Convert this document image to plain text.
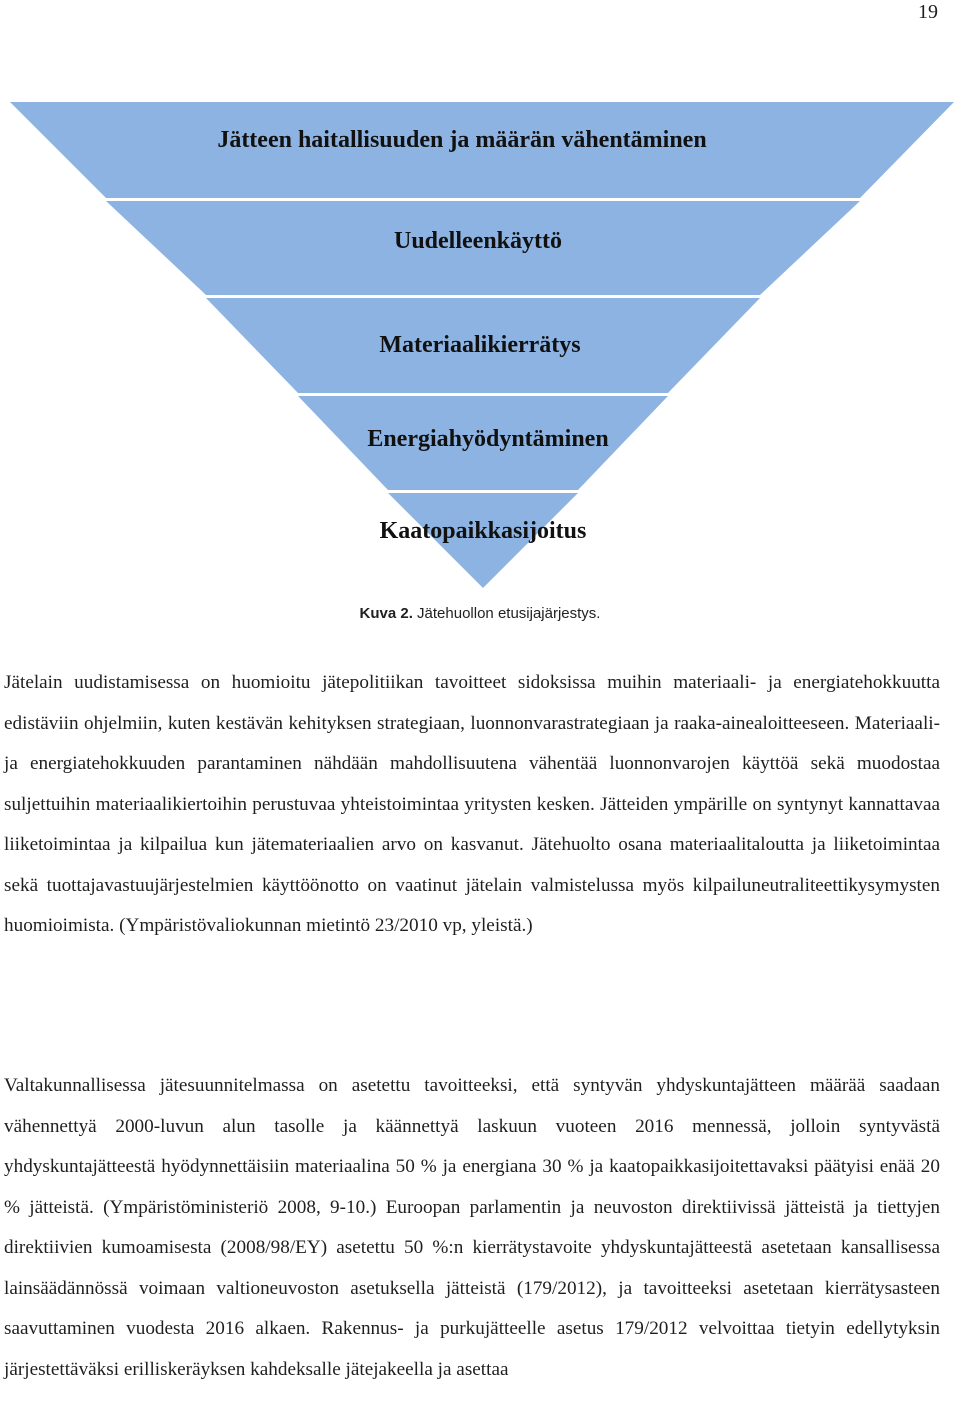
19
Jätteen haitallisuuden ja määrän vähentäminen
Uudelleenkäyttö
Materiaalikierrätys
Energiahyödyntäminen
Kaatopaikkasijoitus
Kuva 2. Jätehuollon etusijajärjestys.

Jätelain uudistamisessa on huomioitu jätepolitiikan tavoitteet sidoksissa muihin materiaali- ja energiatehokkuutta edistäviin ohjelmiin, kuten kestävän kehityksen strategiaan, luonnonvarastrategiaan ja raaka-ainealoitteeseen. Materiaali- ja energiatehokkuuden parantaminen nähdään mahdollisuutena vähentää luonnonvarojen käyttöä sekä muodostaa suljettuihin materiaalikiertoihin perustuvaa yhteistoimintaa yritysten kesken. Jätteiden ympärille on syntynyt kannattavaa liiketoimintaa ja kilpailua kun jätemateriaalien arvo on kasvanut. Jätehuolto osana materiaalitaloutta ja liiketoimintaa sekä tuottajavastuujärjestelmien käyttöönotto on vaatinut jätelain valmistelussa myös kilpailuneutraliteettikysymysten huomioimista. (Ympäristövaliokunnan mietintö 23/2010 vp, yleistä.)

Valtakunnallisessa jätesuunnitelmassa on asetettu tavoitteeksi, että syntyvän yhdyskuntajätteen määrää saadaan vähennettyä 2000-luvun alun tasolle ja käännettyä laskuun vuoteen 2016 mennessä, jolloin syntyvästä yhdyskuntajätteestä hyödynnettäisiin materiaalina 50 % ja energiana 30 % ja kaatopaikkasijoitettavaksi päätyisi enää 20 % jätteistä. (Ympäristöministeriö 2008, 9-10.) Euroopan parlamentin ja neuvoston direktiivissä jätteistä ja tiettyjen direktiivien kumoamisesta (2008/98/EY) asetettu 50 %:n kierrätystavoite yhdyskuntajätteestä asetetaan kansallisessa lainsäädännössä voimaan valtioneuvoston asetuksella jätteistä (179/2012), ja tavoitteeksi asetetaan kierrätysasteen saavuttaminen vuodesta 2016 alkaen. Rakennus- ja purkujätteelle asetus 179/2012 velvoittaa tietyin edellytyksin järjestettäväksi erilliskeräyksen kahdeksalle jätejakeella ja asettaa
